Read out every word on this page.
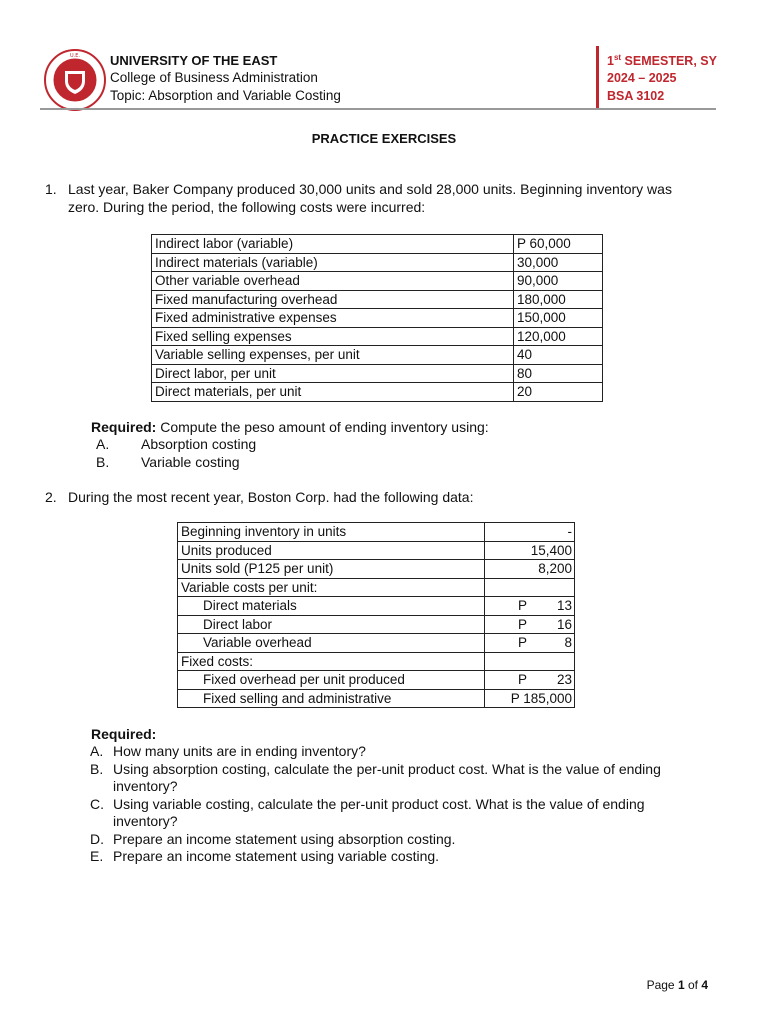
U.E. UNIVERSITY OF THE EAST
College of Business Administration
Topic: Absorption and Variable Costing
1st SEMESTER, SY
2024 – 2025
BSA 3102
PRACTICE EXERCISES
1. Last year, Baker Company produced 30,000 units and sold 28,000 units. Beginning inventory was
zero. During the period, the following costs were incurred:
Indirect labor (variable)	P 60,000
Indirect materials (variable)	30,000
Other variable overhead	90,000
Fixed manufacturing overhead	180,000
Fixed administrative expenses	150,000
Fixed selling expenses	120,000
Variable selling expenses, per unit	40
Direct labor, per unit	80
Direct materials, per unit	20
Required: Compute the peso amount of ending inventory using:
A. Absorption costing
B. Variable costing
2. During the most recent year, Boston Corp. had the following data:
Beginning inventory in units	-
Units produced	15,400
Units sold (P125 per unit)	8,200
Variable costs per unit:	
Direct materials	P 13
Direct labor	P 16
Variable overhead	P 8
Fixed costs:	
Fixed overhead per unit produced	P 23
Fixed selling and administrative	P 185,000
Required:
A. How many units are in ending inventory?
B. Using absorption costing, calculate the per-unit product cost. What is the value of ending
inventory?
C. Using variable costing, calculate the per-unit product cost. What is the value of ending
inventory?
D. Prepare an income statement using absorption costing.
E. Prepare an income statement using variable costing.
Page 1 of 4
